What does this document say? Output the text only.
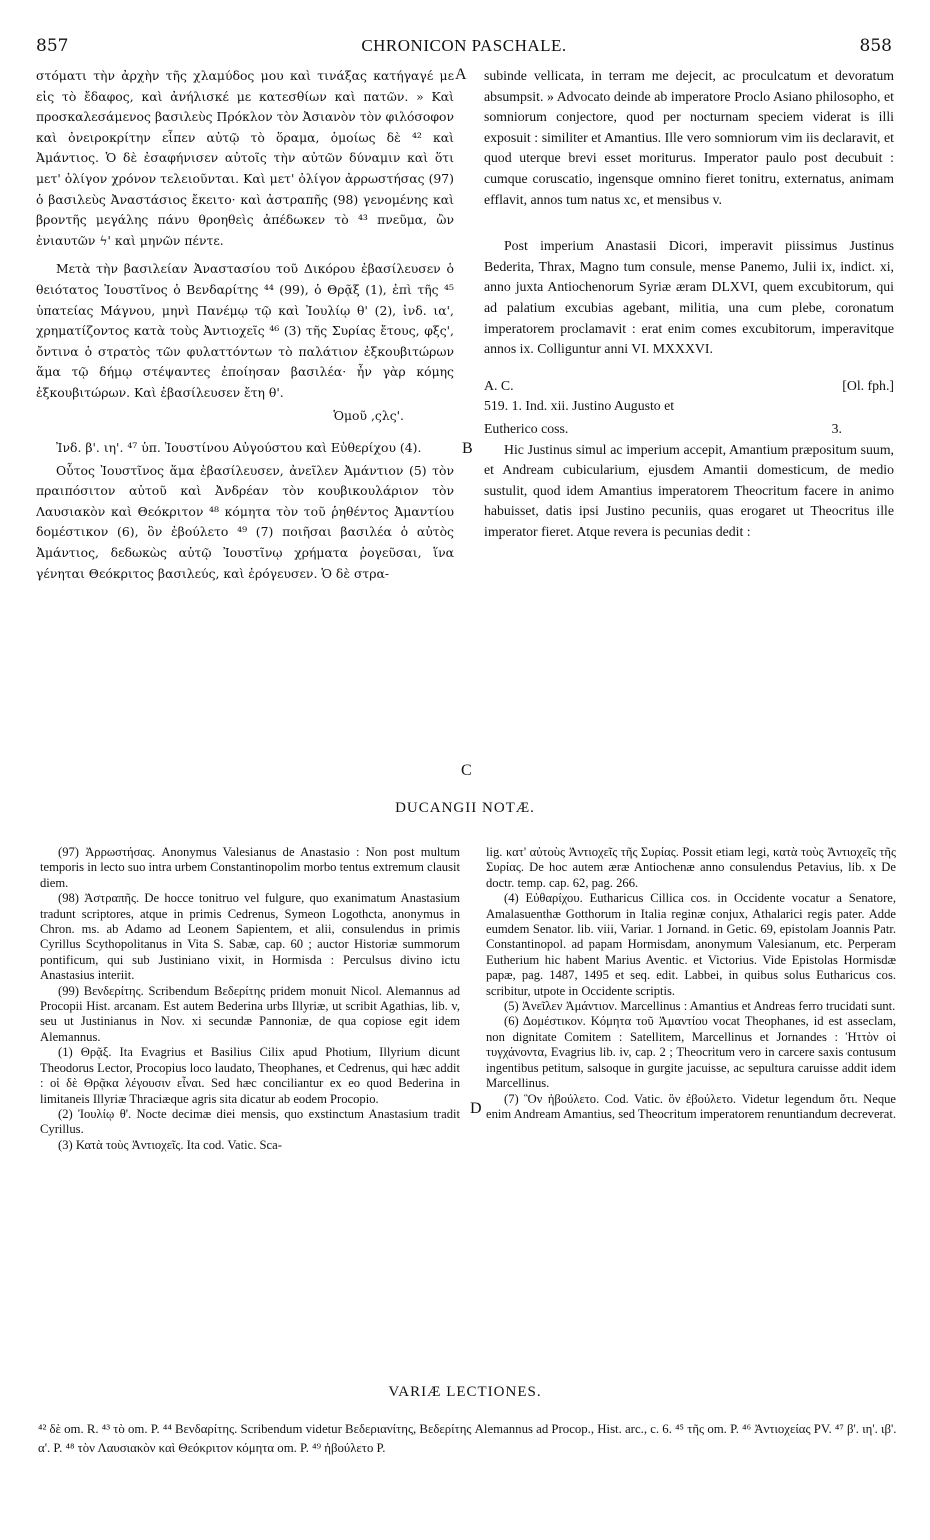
857	CHRONICON PASCHALE.	858

στόματι τὴν ἀρχὴν τῆς χλαμύδος μου καὶ τινάξας κατήγαγέ με εἰς τὸ ἔδαφος, καὶ ἀνήλισκέ με κατεσθίων καὶ πατῶν. » Καὶ προσκαλεσάμενος βασιλεὺς Πρόκλον τὸν Ἀσιανὸν τὸν φιλόσοφον καὶ ὀνειροκρίτην εἶπεν αὐτῷ τὸ ὅραμα, ὁμοίως δὲ ⁴² καὶ Ἀμάντιος. Ὁ δὲ ἐσαφήνισεν αὐτοῖς τὴν αὐτῶν δύναμιν καὶ ὅτι μετ' ὀλίγον χρόνον τελειοῦνται. Καὶ μετ' ὀλίγον ἀρρωστήσας (97) ὁ βασιλεὺς Ἀναστάσιος ἔκειτο· καὶ ἀστραπῆς (98) γενομένης καὶ βροντῆς μεγάλης πάνυ θροηθεὶς ἀπέδωκεν τὸ ⁴³ πνεῦμα, ὢν ἐνιαυτῶν ϟ' καὶ μηνῶν πέντε.

Μετὰ τὴν βασιλείαν Ἀναστασίου τοῦ Δικόρου ἐβασίλευσεν ὁ θειότατος Ἰουστῖνος ὁ Βενδαρίτης ⁴⁴ (99), ὁ Θρᾷξ (1), ἐπὶ τῆς ⁴⁵ ὑπατείας Μάγνου, μηνὶ Πανέμῳ τῷ καὶ Ἰουλίῳ θ' (2), ἰνδ. ια', χρηματίζοντος κατὰ τοὺς Ἀντιοχεῖς ⁴⁶ (3) τῆς Συρίας ἔτους, φξς', ὄντινα ὁ στρατὸς τῶν φυλαττόντων τὸ παλάτιον ἐξκουβιτώρων ἅμα τῷ δήμῳ στέψαντες ἐποίησαν βασιλέα· ἦν γὰρ κόμης ἐξκουβιτώρων. Καὶ ἐβασίλευσεν ἔτη θ'.

Ὁμοῦ ,ςλς'.

Ἰνδ. β'. ιη'. ⁴⁷ ὑπ. Ἰουστίνου Αὐγούστου καὶ Εὐθερίχου (4).

Οὗτος Ἰουστῖνος ἅμα ἐβασίλευσεν, ἀνεῖλεν Ἀμάντιον (5) τὸν πραιπόσιτον αὐτοῦ καὶ Ἀνδρέαν τὸν κουβικουλάριον τὸν Λαυσιακὸν καὶ Θεόκριτον ⁴⁸ κόμητα τὸν τοῦ ῥηθέντος Ἀμαντίου δομέστικον (6), ὃν ἐβούλετο ⁴⁹ (7) ποιῆσαι βασιλέα ὁ αὐτὸς Ἀμάντιος, δεδωκὼς αὐτῷ Ἰουστῖνῳ χρήματα ῥογεῦσαι, ἵνα γένηται Θεόκριτος βασιλεύς, καὶ ἐρόγευσεν. Ὁ δὲ στρα-

subinde vellicata, in terram me dejecit, ac proculcatum et devoratum absumpsit. » Advocato deinde ab imperatore Proclo Asiano philosopho, et somniorum conjectore, quod per nocturnam speciem viderat is illi exposuit : similiter et Amantius. Ille vero somniorum vim iis declaravit, et quod uterque brevi esset moriturus. Imperator paulo post decubuit : cumque coruscatio, ingensque omnino fieret tonitru, externatus, animam efflavit, annos tum natus xc, et mensibus v.

Post imperium Anastasii Dicori, imperavit piissimus Justinus Bederita, Thrax, Magno tum consule, mense Panemo, Julii ix, indict. xi, anno juxta Antiochenorum Syriæ æram DLXVI, quem excubitorum, qui ad palatium excubias agebant, militia, una cum plebe, coronatum imperatorem proclamavit : erat enim comes excubitorum, imperavitque annos ix. Colliguntur anni VI. MXXXVI.

A. C.	[Ol. fph.]

519. 1. Ind. xii. Justino Augusto et

Eutherico coss.	3.

Hic Justinus simul ac imperium accepit, Amantium præpositum suum, et Andream cubicularium, ejusdem Amantii domesticum, de medio sustulit, quod idem Amantius imperatorem Theocritum facere in animo habuisset, datis ipsi Justino pecuniis, quas erogaret ut Theocritus ille imperator fieret. Atque revera is pecunias dedit :

A
B
C
D
DUCANGII NOTÆ.

(97) Ἀρρωστήσας. Anonymus Valesianus de Anastasio : Non post multum temporis in lecto suo intra urbem Constantinopolim morbo tentus extremum clausit diem.

(98) Ἀστραπῆς. De hocce tonitruo vel fulgure, quo exanimatum Anastasium tradunt scriptores, atque in primis Cedrenus, Symeon Logothcta, anonymus in Chron. ms. ab Adamo ad Leonem Sapientem, et alii, consulendus in primis Cyrillus Scythopolitanus in Vita S. Sabæ, cap. 60 ; auctor Historiæ summorum pontificum, qui sub Justiniano vixit, in Hormisda : Perculsus divino ictu Anastasius interiit.

(99) Βενδερίτης. Scribendum Βεδερίτης pridem monuit Nicol. Alemannus ad Procopii Hist. arcanam. Est autem Bederina urbs Illyriæ, ut scribit Agathias, lib. v, seu ut Justinianus in Nov. xi secundæ Pannoniæ, de qua copiose egit idem Alemannus.

(1) Θρᾷξ. Ita Evagrius et Basilius Cilix apud Photium, Illyrium dicunt Theodorus Lector, Procopius loco laudato, Theophanes, et Cedrenus, qui hæc addit : οἱ δὲ Θρᾷκα λέγουσιν εἶναι. Sed hæc conciliantur ex eo quod Bederina in limitaneis Illyriæ Thraciæque agris sita dicatur ab eodem Procopio.

(2) Ἰουλίῳ θ'. Nocte decimæ diei mensis, quo exstinctum Anastasium tradit Cyrillus.

(3) Κατὰ τοὺς Ἀντιοχεῖς. Ita cod. Vatic. Sca-

lig. κατ' αὐτοὺς Ἀντιοχεῖς τῆς Συρίας. Possit etiam legi, κατὰ τοὺς Ἀντιοχεῖς τῆς Συρίας. De hoc autem æræ Antiochenæ anno consulendus Petavius, lib. x De doctr. temp. cap. 62, pag. 266.

(4) Εὐθαρίχου. Eutharicus Cillica cos. in Occidente vocatur a Senatore, Amalasuenthæ Gotthorum in Italia reginæ conjux, Athalarici regis pater. Adde eumdem Senator. lib. viii, Variar. 1 Jornand. in Getic. 69, epistolam Joannis Patr. Constantinopol. ad papam Hormisdam, anonymum Valesianum, etc. Perperam Eutherium hic habent Marius Aventic. et Victorius. Vide Epistolas Hormisdæ papæ, pag. 1487, 1495 et seq. edit. Labbei, in quibus solus Eutharicus cos. scribitur, utpote in Occidente scriptis.

(5) Ἀνεῖλεν Ἀμάντιον. Marcellinus : Amantius et Andreas ferro trucidati sunt.

(6) Δομέστικον. Κόμητα τοῦ Ἀμαντίου vocat Theophanes, id est asseclam, non dignitate Comitem : Satellitem, Marcellinus et Jornandes : Ἡττὸν οἱ τυγχάνοντα, Evagrius lib. iv, cap. 2 ; Theocritum vero in carcere saxis contusum ingentibus petitum, salsoque in gurgite jacuisse, ac sepultura caruisse addit idem Marcellinus.

(7) Ὃν ἠβούλετο. Cod. Vatic. ὃν ἐβούλετο. Videtur legendum ὅτι. Neque enim Andream Amantius, sed Theocritum imperatorem renuntiandum decreverat.

VARIÆ LECTIONES.
⁴² δὲ om. R. ⁴³ τὸ om. P. ⁴⁴ Βενδαρίτης. Scribendum videtur Βεδεριανίτης, Βεδερίτης Alemannus ad Procop., Hist. arc., c. 6. ⁴⁵ τῆς om. P. ⁴⁶ Ἀντιοχείας PV. ⁴⁷ β'. ιη'. ιβ'. α'. P. ⁴⁸ τὸν Λαυσιακὸν καὶ Θεόκριτον κόμητα om. P. ⁴⁹ ἠβούλετο P.
